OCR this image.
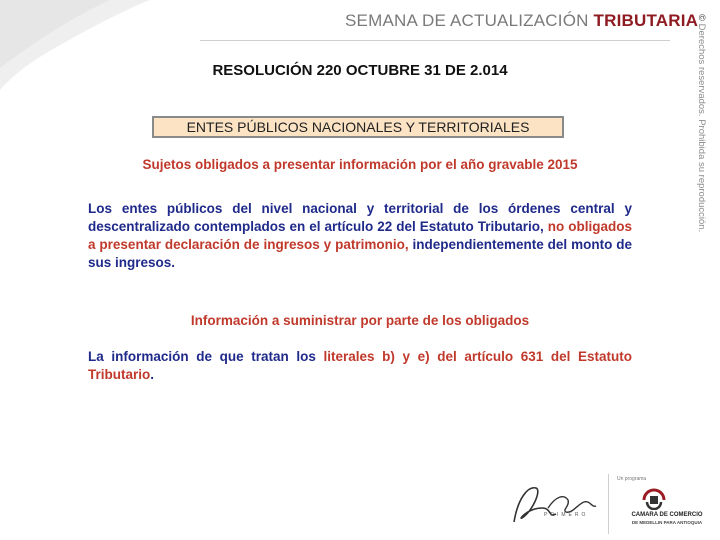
SEMANA DE ACTUALIZACIÓN TRIBUTARIA
© Derechos reservados. Prohibida su reproducción.
RESOLUCIÓN 220 OCTUBRE 31 DE 2.014
ENTES PÚBLICOS NACIONALES Y TERRITORIALES
Sujetos obligados a presentar información por el año gravable 2015
Los entes públicos del nivel nacional y territorial de los órdenes central y descentralizado contemplados en el artículo 22 del Estatuto Tributario, no obligados a presentar declaración de ingresos y patrimonio, independientemente del monto de sus ingresos.
Información a suministrar por parte de los obligados
La información de que tratan los literales b) y e) del artículo 631 del Estatuto Tributario.
PRIMERO
Un programa
CAMARA DE COMERCIO
DE MEDELLIN PARA ANTIOQUIA
